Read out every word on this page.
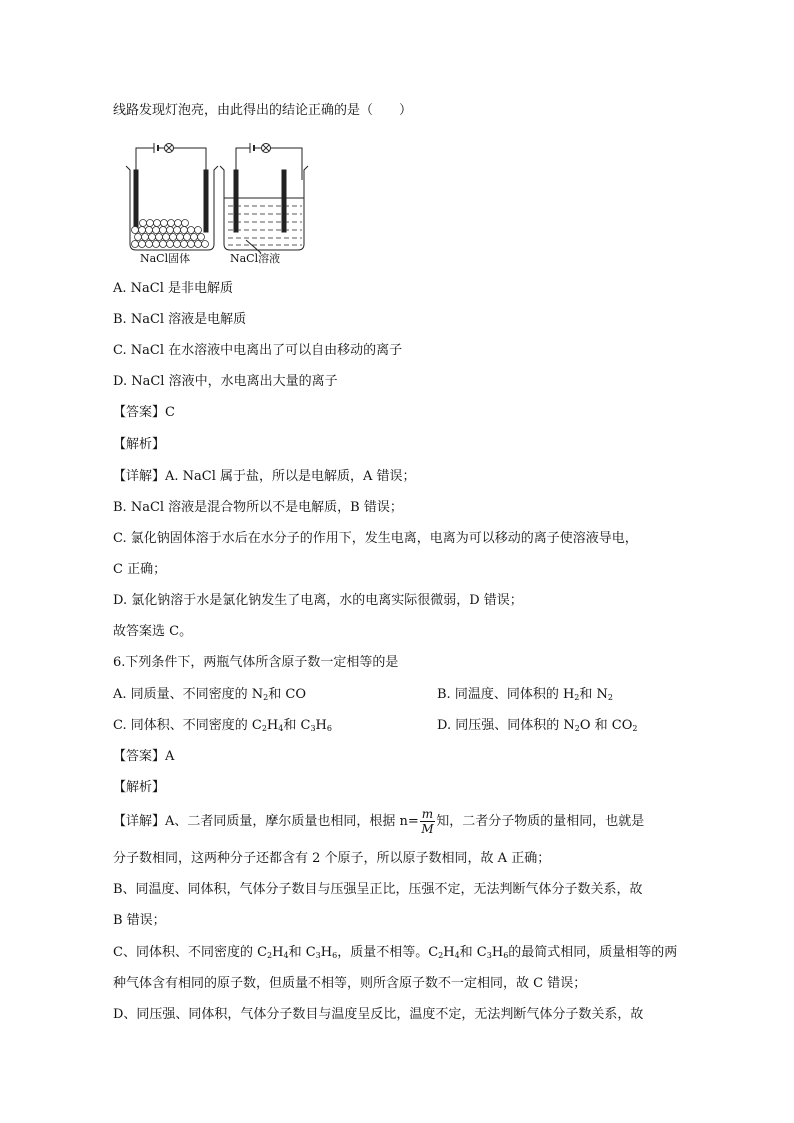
线路发现灯泡亮，由此得出的结论正确的是（　　）
NaCl固体	NaCl溶液
A. NaCl 是非电解质
B. NaCl 溶液是电解质
C. NaCl 在水溶液中电离出了可以自由移动的离子
D. NaCl 溶液中，水电离出大量的离子
【答案】C
【解析】
【详解】A. NaCl 属于盐，所以是电解质，A 错误；
B. NaCl 溶液是混合物所以不是电解质，B 错误；
C. 氯化钠固体溶于水后在水分子的作用下，发生电离，电离为可以移动的离子使溶液导电，
C 正确；
D. 氯化钠溶于水是氯化钠发生了电离，水的电离实际很微弱，D 错误；
故答案选 C。
6.下列条件下，两瓶气体所含原子数一定相等的是
A. 同质量、不同密度的 $N_2$和 CO	B. 同温度、同体积的 $H_2$和 $N_2$
C. 同体积、不同密度的 $C_2H_4$和 $C_3H_6$	D. 同压强、同体积的 $N_2O$ 和 $CO_2$
【答案】A
【解析】
【详解】A、二者同质量，摩尔质量也相同，根据 $n= \frac{m}{M}$ 知，二者分子物质的量相同，也就是
分子数相同，这两种分子还都含有 2 个原子，所以原子数相同，故 A 正确；
B、同温度、同体积，气体分子数目与压强呈正比，压强不定，无法判断气体分子数关系，故
B 错误；
C、同体积、不同密度的 $C_2H_4$和 $C_3H_6$，质量不相等。$C_2H_4$和 $C_3H_6$的最简式相同，质量相等的两
种气体含有相同的原子数，但质量不相等，则所含原子数不一定相同，故 C 错误；
D、同压强、同体积，气体分子数目与温度呈反比，温度不定，无法判断气体分子数关系，故
